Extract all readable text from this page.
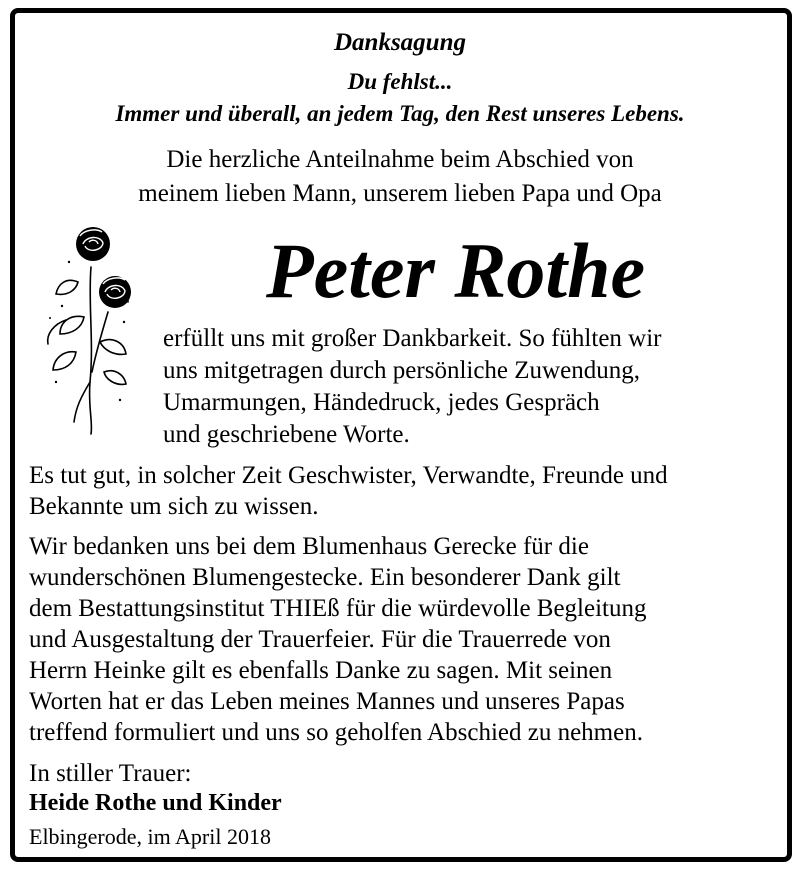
Danksagung
Du fehlst...
Immer und überall, an jedem Tag, den Rest unseres Lebens.
Die herzliche Anteilnahme beim Abschied von
meinem lieben Mann, unserem lieben Papa und Opa
Peter Rothe
erfüllt uns mit großer Dankbarkeit. So fühlten wir
uns mitgetragen durch persönliche Zuwendung,
Umarmungen, Händedruck, jedes Gespräch
und geschriebene Worte.
Es tut gut, in solcher Zeit Geschwister, Verwandte, Freunde und
Bekannte um sich zu wissen.
Wir bedanken uns bei dem Blumenhaus Gerecke für die
wunderschönen Blumengestecke. Ein besonderer Dank gilt
dem Bestattungsinstitut THIEß für die würdevolle Begleitung
und Ausgestaltung der Trauerfeier. Für die Trauerrede von
Herrn Heinke gilt es ebenfalls Danke zu sagen. Mit seinen
Worten hat er das Leben meines Mannes und unseres Papas
treffend formuliert und uns so geholfen Abschied zu nehmen.
In stiller Trauer:
Heide Rothe und Kinder
Elbingerode, im April 2018
